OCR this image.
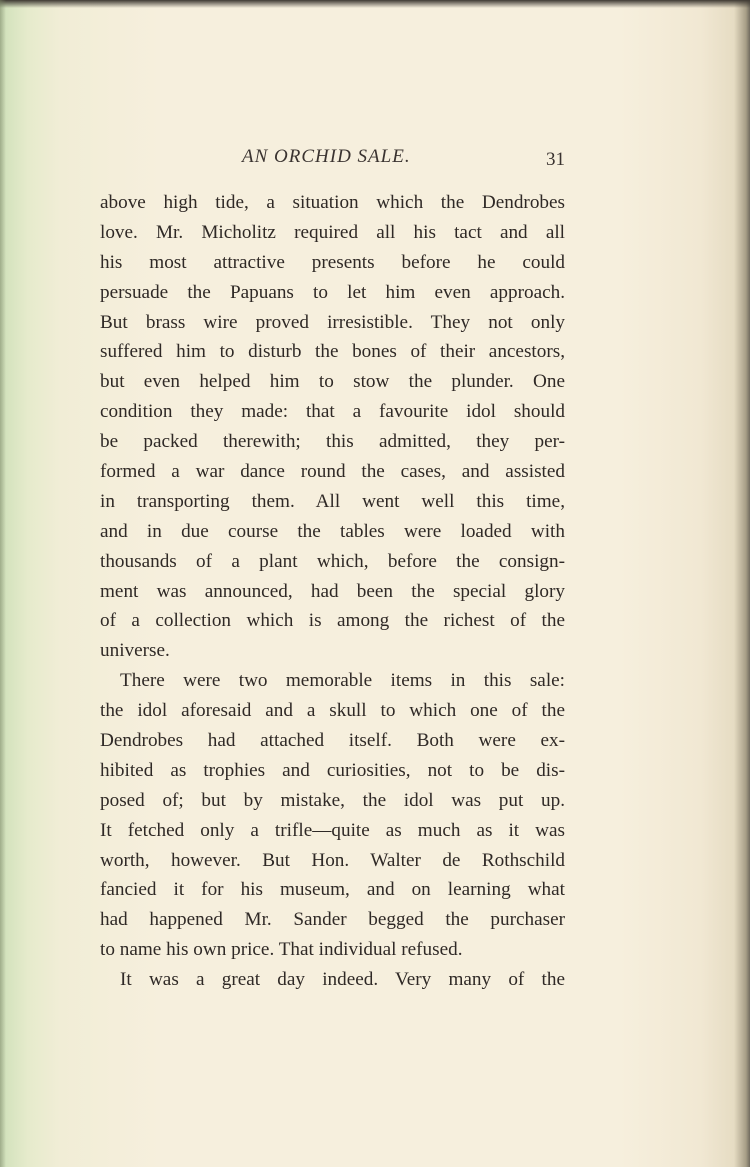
AN ORCHID SALE.	31
above high tide, a situation which the Dendrobes
love. Mr. Micholitz required all his tact and all
his most attractive presents before he could
persuade the Papuans to let him even approach.
But brass wire proved irresistible. They not only
suffered him to disturb the bones of their ancestors,
but even helped him to stow the plunder. One
condition they made: that a favourite idol should
be packed therewith; this admitted, they per-
formed a war dance round the cases, and assisted
in transporting them. All went well this time,
and in due course the tables were loaded with
thousands of a plant which, before the consign-
ment was announced, had been the special glory
of a collection which is among the richest of the
universe.
There were two memorable items in this sale:
the idol aforesaid and a skull to which one of the
Dendrobes had attached itself. Both were ex-
hibited as trophies and curiosities, not to be dis-
posed of; but by mistake, the idol was put up.
It fetched only a trifle—quite as much as it was
worth, however. But Hon. Walter de Rothschild
fancied it for his museum, and on learning what
had happened Mr. Sander begged the purchaser
to name his own price. That individual refused.
It was a great day indeed. Very many of the
